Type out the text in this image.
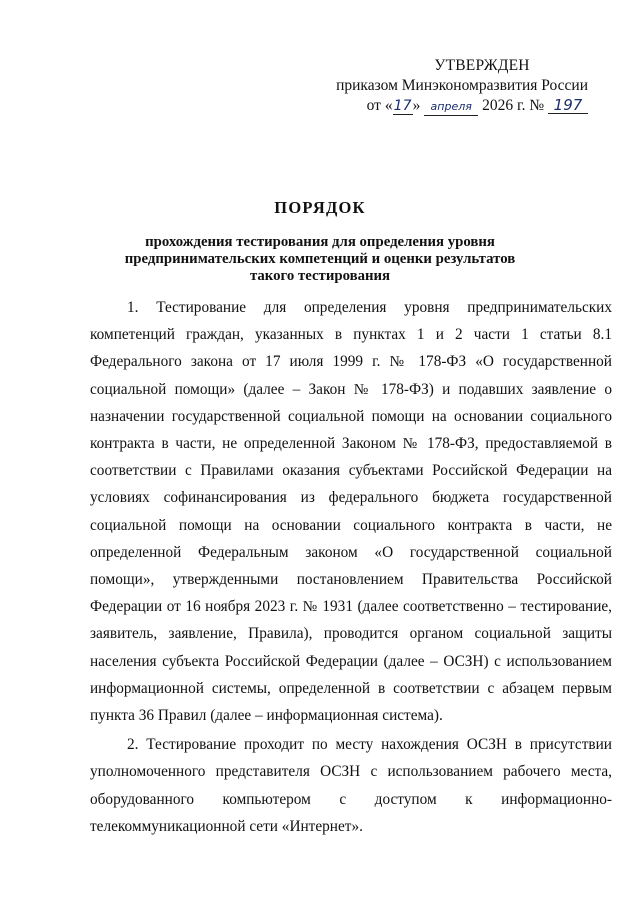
УТВЕРЖДЕН
приказом Минэкономразвития России
от «17» апреля 2026 г. № 197
ПОРЯДОК
прохождения тестирования для определения уровня
предпринимательских компетенций и оценки результатов
такого тестирования

1. Тестирование для определения уровня предпринимательских компетенций граждан, указанных в пунктах 1 и 2 части 1 статьи 8.1 Федерального закона от 17 июля 1999 г. № 178-ФЗ «О государственной социальной помощи» (далее – Закон № 178-ФЗ) и подавших заявление о назначении государственной социальной помощи на основании социального контракта в части, не определенной Законом № 178-ФЗ, предоставляемой в соответствии с Правилами оказания субъектами Российской Федерации на условиях софинансирования из федерального бюджета государственной социальной помощи на основании социального контракта в части, не определенной Федеральным законом «О государственной социальной помощи», утвержденными постановлением Правительства Российской Федерации от 16 ноября 2023 г. № 1931 (далее соответственно – тестирование, заявитель, заявление, Правила), проводится органом социальной защиты населения субъекта Российской Федерации (далее – ОСЗН) с использованием информационной системы, определенной в соответствии с абзацем первым пункта 36 Правил (далее – информационная система).

2. Тестирование проходит по месту нахождения ОСЗН в присутствии уполномоченного представителя ОСЗН с использованием рабочего места, оборудованного компьютером с доступом к информационно-телекоммуникационной сети «Интернет».
